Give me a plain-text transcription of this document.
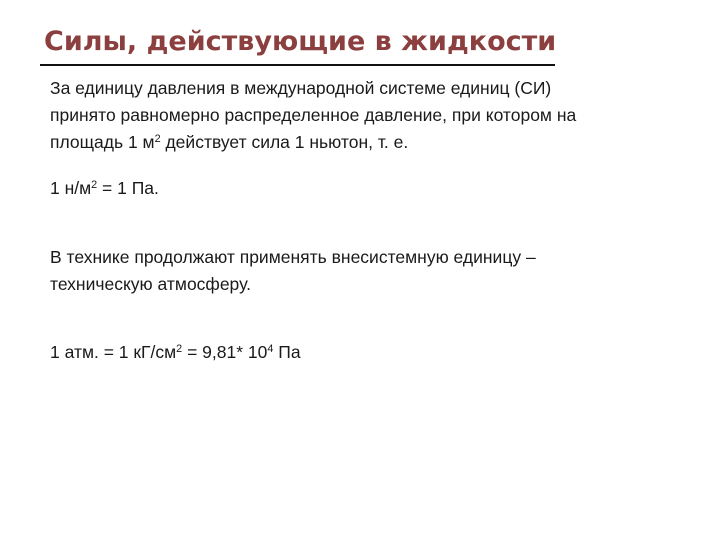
Силы, действующие в жидкости
За единицу давления в международной системе единиц (СИ)
принято равномерно распределенное давление, при котором на
площадь 1 $м^2$ действует сила 1 ньютон, т. е.
1 $н/м^2 = 1$ Па.
В технике продолжают применять внесистемную единицу –
техническую атмосферу.
1 атм. = 1 $кГ/см^2 = 9,81*$ $10^4$ Па
